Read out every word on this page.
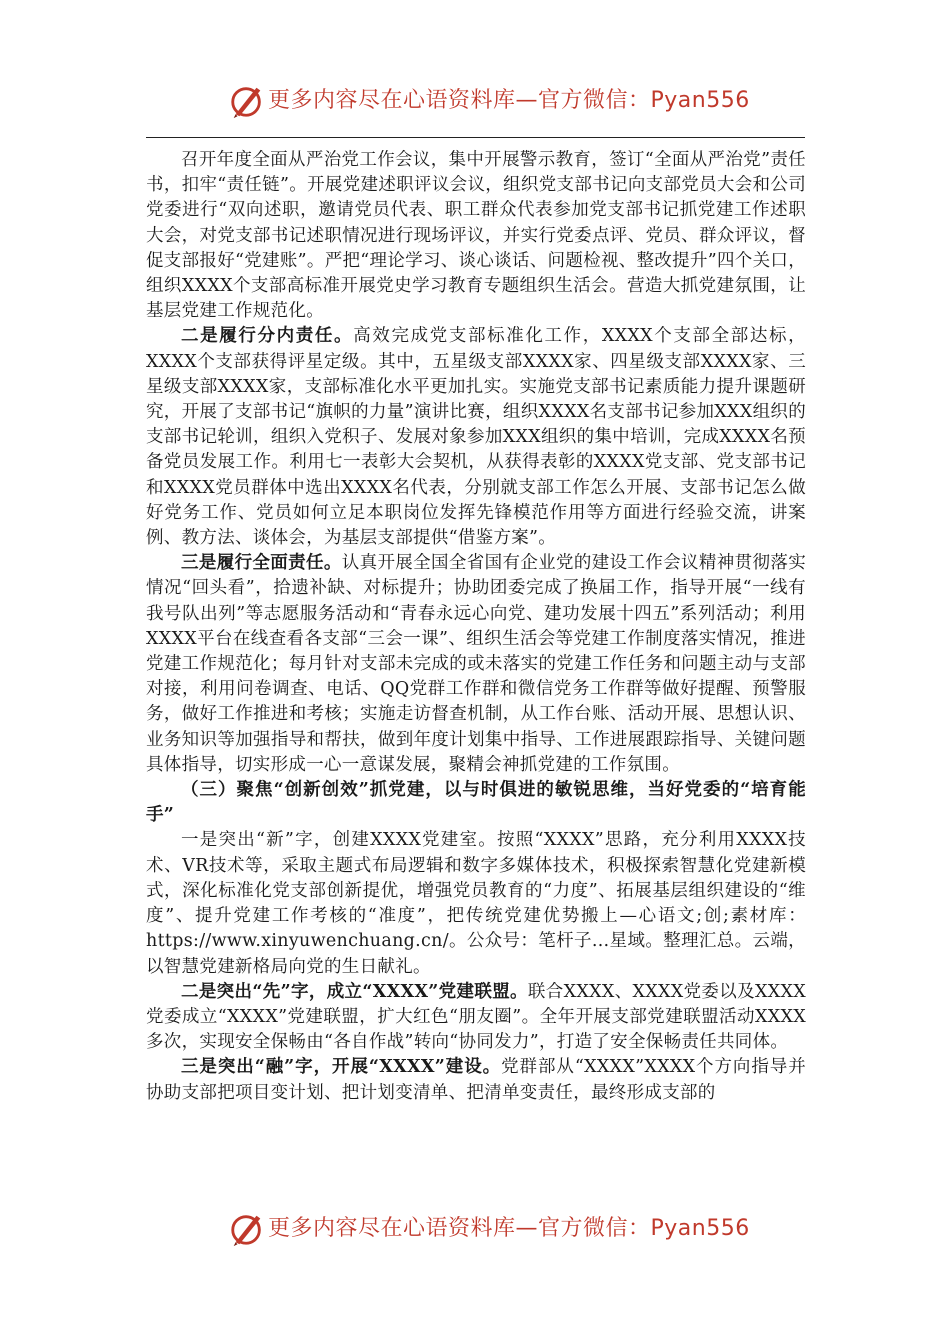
更多内容尽在心语资料库—官方微信：Pyan556

召开年度全面从严治党工作会议，集中开展警示教育，签订“全面从严治党”责任书，扣牢“责任链”。开展党建述职评议会议，组织党支部书记向支部党员大会和公司党委进行“双向述职，邀请党员代表、职工群众代表参加党支部书记抓党建工作述职大会，对党支部书记述职情况进行现场评议，并实行党委点评、党员、群众评议，督促支部报好“党建账”。严把“理论学习、谈心谈话、问题检视、整改提升”四个关口，组织XXXX个支部高标准开展党史学习教育专题组织生活会。营造大抓党建氛围，让基层党建工作规范化。

二是履行分内责任。高效完成党支部标准化工作，XXXX个支部全部达标，XXXX个支部获得评星定级。其中，五星级支部XXXX家、四星级支部XXXX家、三星级支部XXXX家，支部标准化水平更加扎实。实施党支部书记素质能力提升课题研究，开展了支部书记“旗帜的力量”演讲比赛，组织XXXX名支部书记参加XXX组织的支部书记轮训，组织入党积子、发展对象参加XXX组织的集中培训，完成XXXX名预备党员发展工作。利用七一表彰大会契机，从获得表彰的XXXX党支部、党支部书记和XXXX党员群体中选出XXXX名代表，分别就支部工作怎么开展、支部书记怎么做好党务工作、党员如何立足本职岗位发挥先锋模范作用等方面进行经验交流，讲案例、教方法、谈体会，为基层支部提供“借鉴方案”。

三是履行全面责任。认真开展全国全省国有企业党的建设工作会议精神贯彻落实情况“回头看”，拾遗补缺、对标提升；协助团委完成了换届工作，指导开展“一线有我号队出列”等志愿服务活动和“青春永远心向党、建功发展十四五”系列活动；利用XXXX平台在线查看各支部“三会一课”、组织生活会等党建工作制度落实情况，推进党建工作规范化；每月针对支部未完成的或未落实的党建工作任务和问题主动与支部对接，利用问卷调查、电话、QQ党群工作群和微信党务工作群等做好提醒、预警服务，做好工作推进和考核；实施走访督查机制，从工作台账、活动开展、思想认识、业务知识等加强指导和帮扶，做到年度计划集中指导、工作进展跟踪指导、关键问题具体指导，切实形成一心一意谋发展，聚精会神抓党建的工作氛围。

（三）聚焦“创新创效”抓党建，以与时俱进的敏锐思维，当好党委的“培育能手”

一是突出“新”字，创建XXXX党建室。按照“XXXX”思路，充分利用XXXX技术、VR技术等，采取主题式布局逻辑和数字多媒体技术，积极探索智慧化党建新模式，深化标准化党支部创新提优，增强党员教育的“力度”、拓展基层组织建设的“维度”、提升党建工作考核的“准度”，把传统党建优势搬上—心语文;创;素材库：https://www.xinyuwenchuang.cn/。公众号：笔杆子…星域。整理汇总。云端，以智慧党建新格局向党的生日献礼。

二是突出“先”字，成立“XXXX”党建联盟。联合XXXX、XXXX党委以及XXXX党委成立“XXXX”党建联盟，扩大红色“朋友圈”。全年开展支部党建联盟活动XXXX多次，实现安全保畅由“各自作战”转向“协同发力”，打造了安全保畅责任共同体。

三是突出“融”字，开展“XXXX”建设。党群部从“XXXX”XXXX个方向指导并协助支部把项目变计划、把计划变清单、把清单变责任，最终形成支部的

更多内容尽在心语资料库—官方微信：Pyan556
